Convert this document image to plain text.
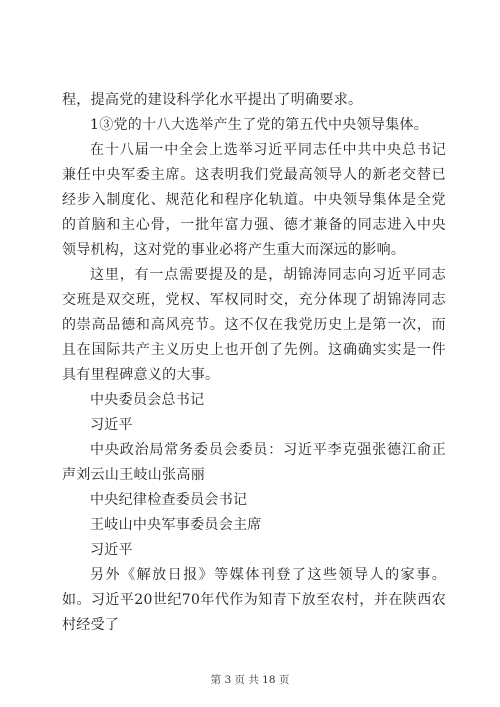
程，提高党的建设科学化水平提出了明确要求。

1③党的十八大选举产生了党的第五代中央领导集体。

在十八届一中全会上选举习近平同志任中共中央总书记兼任中央军委主席。这表明我们党最高领导人的新老交替已经步入制度化、规范化和程序化轨道。中央领导集体是全党的首脑和主心骨，一批年富力强、德才兼备的同志进入中央领导机构，这对党的事业必将产生重大而深远的影响。

这里，有一点需要提及的是，胡锦涛同志向习近平同志交班是双交班，党权、军权同时交，充分体现了胡锦涛同志的崇高品德和高风亮节。这不仅在我党历史上是第一次，而且在国际共产主义历史上也开创了先例。这确确实实是一件具有里程碑意义的大事。

中央委员会总书记

习近平

中央政治局常务委员会委员：习近平李克强张德江俞正声刘云山王岐山张高丽

中央纪律检查委员会书记

王岐山中央军事委员会主席

习近平

另外《解放日报》等媒体刊登了这些领导人的家事。如。习近平20世纪70年代作为知青下放至农村，并在陕西农村经受了

第 3 页 共 18 页
